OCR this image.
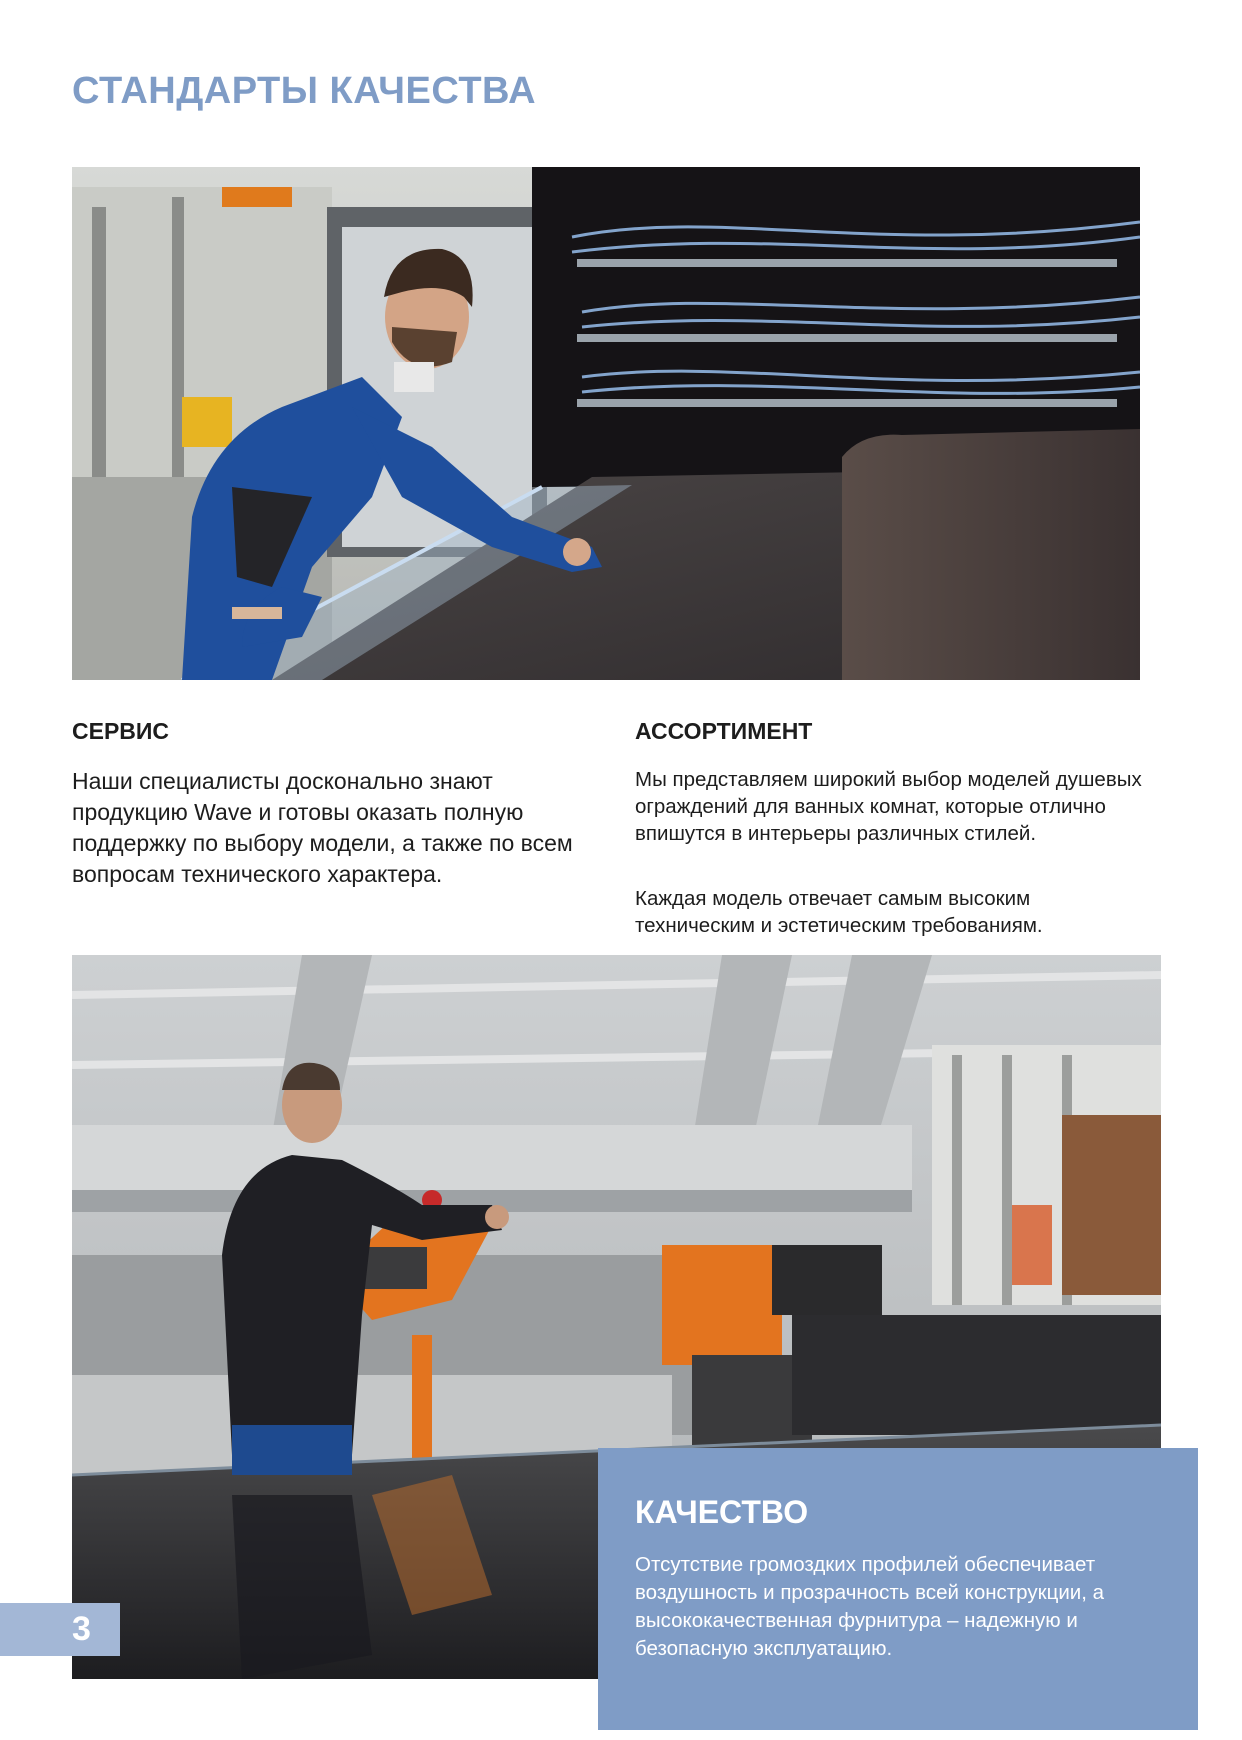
СТАНДАРТЫ КАЧЕСТВА
СЕРВИС

Наши специалисты досконально знают продукцию Wave и готовы оказать полную поддержку по выбору модели, а также по всем вопросам технического характера.

АССОРТИМЕНТ

Мы представляем широкий выбор моделей душевых ограждений для ванных комнат, которые отлично впишутся в интерьеры различных стилей.

Каждая модель отвечает самым высоким техническим и эстетическим требованиям.

КАЧЕСТВО

Отсутствие громоздких профилей обеспечивает воздушность и прозрачность всей конструкции, а высококачественная фурнитура – надежную и безопасную эксплуатацию.

3
